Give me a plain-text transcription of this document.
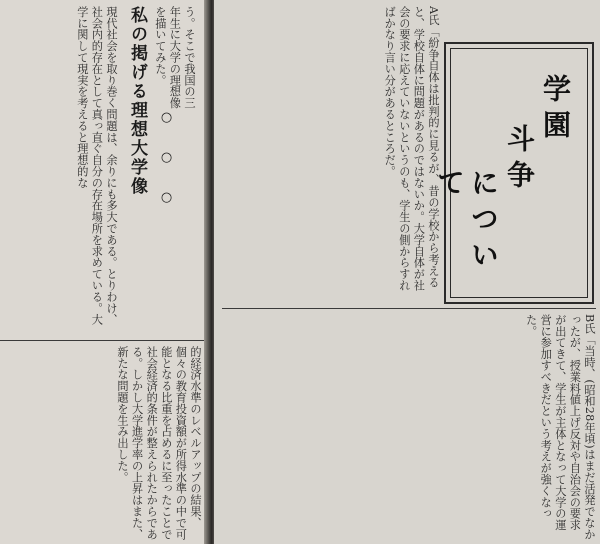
う。そこで我国の三年生に大学の理想像を描いてみた。
○　○　○
私の掲げる理想大学像
現代社会を取り巻く問題は、余りにも多大である。とりわけ、社会内的存在として真っ直ぐ自分の存在場所を求めている。大学に関して現実を考えると理想的な
的経済水準のレベルアップの結果、個々の教育投資額が所得水準の中で可能となる比重を占めるに至ったことで社会経済的条件が整えられたからである。しかし大学進学率の上昇はまた、新たな問題を生み出した。
学園
斗争
について
A氏「紛争自体は批判的に見るが、昔の学校から考えると、学校自体に問題があるのではないか。大学自体が社会の要求に応えていないというのも、学生の側からすればかなり言い分があるところだ。
B氏「当時、(昭和28年頃)はまだ活発でなかったが、授業料値上げ反対や自治会の要求が出てきて、学生が主体となって大学の運営に参加すべきだという考えが強くなった。
